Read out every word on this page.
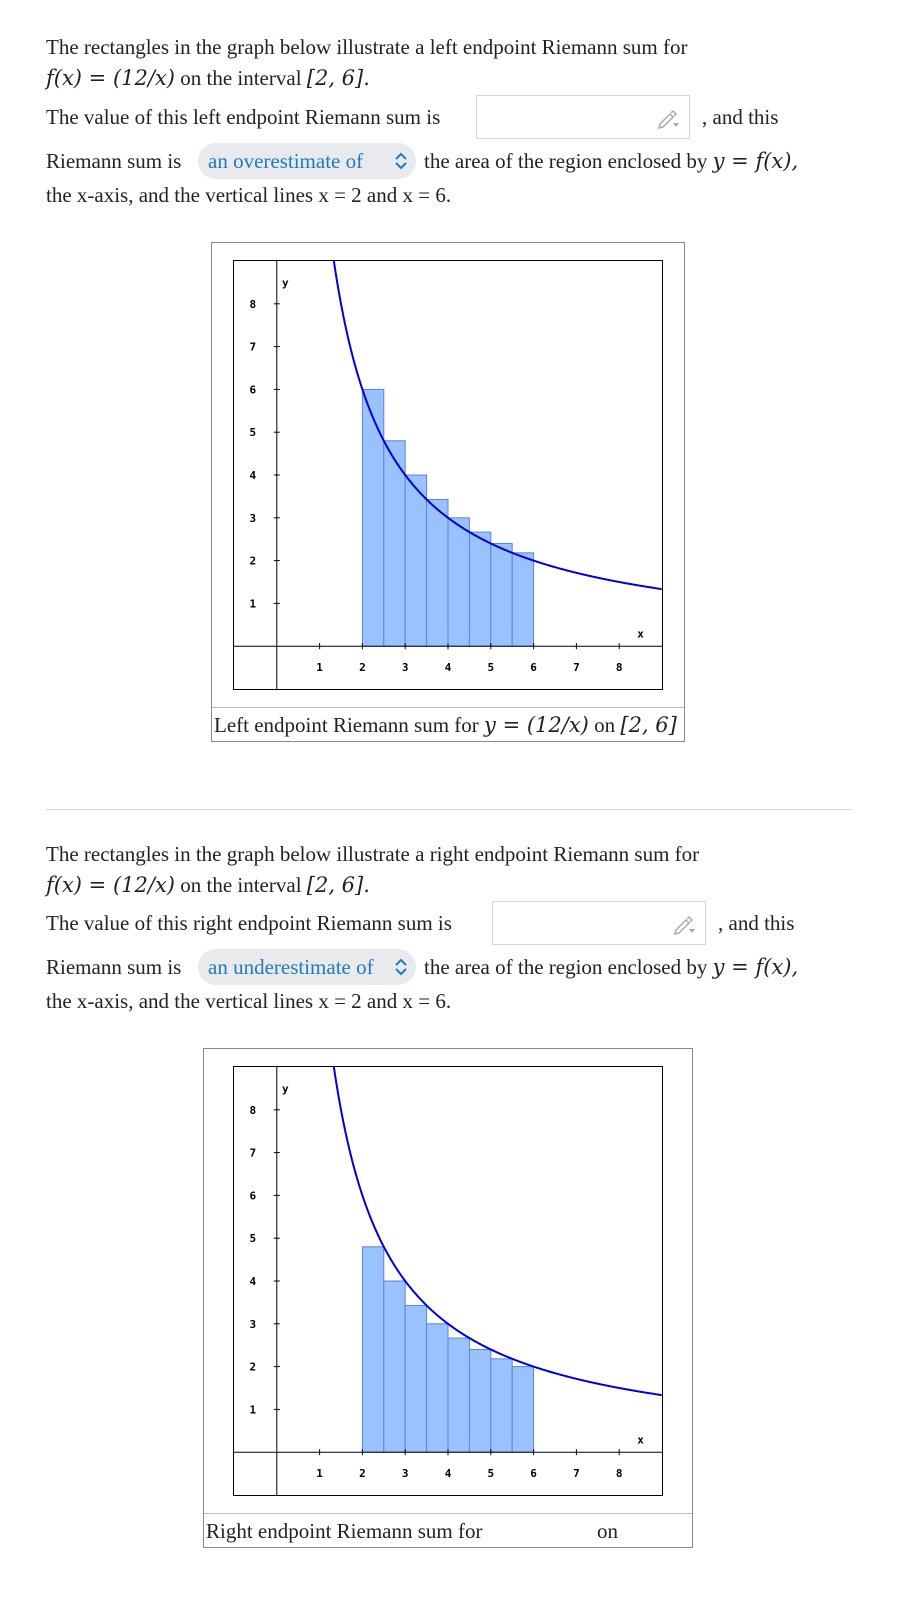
The rectangles in the graph below illustrate a left endpoint Riemann sum for
f(x) = (12/x) on the interval [2, 6].
The value of this left endpoint Riemann sum is	, and this
Riemann sum is	an overestimate of	the area of the region enclosed by y = f(x),
the x-axis, and the vertical lines x = 2 and x = 6.
1	2	3	4	5	6	7	8
1
2
3
4
5
6
7
8
x
y
Left endpoint Riemann sum for y = (12/x) on [2, 6]
The rectangles in the graph below illustrate a right endpoint Riemann sum for
f(x) = (12/x) on the interval [2, 6].
The value of this right endpoint Riemann sum is	, and this
Riemann sum is	an underestimate of	the area of the region enclosed by y = f(x),
the x-axis, and the vertical lines x = 2 and x = 6.
1	2	3	4	5	6	7	8
1
2
3
4
5
6
7
8
x
y
Right endpoint Riemann sum for	on
